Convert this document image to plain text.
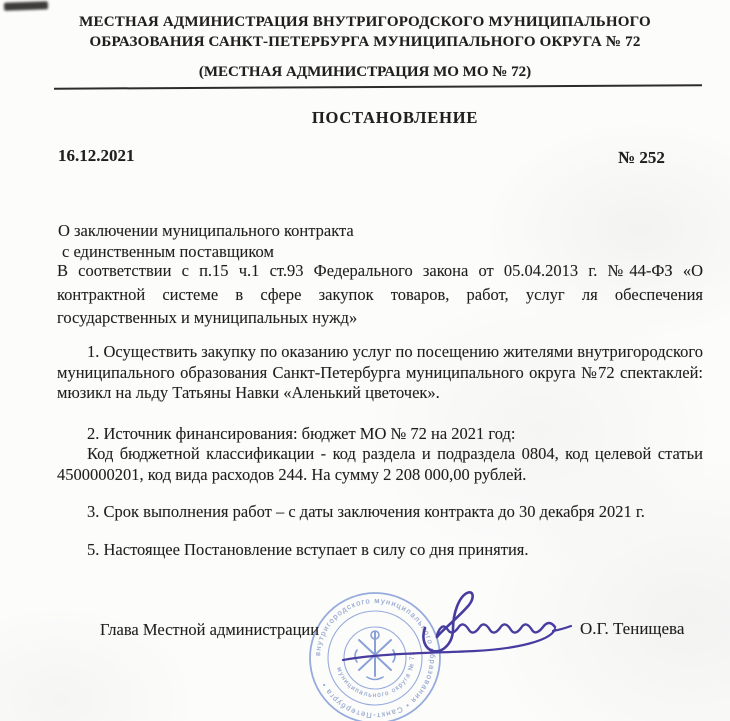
МЕСТНАЯ АДМИНИСТРАЦИЯ ВНУТРИГОРОДСКОГО МУНИЦИПАЛЬНОГО
ОБРАЗОВАНИЯ САНКТ-ПЕТЕРБУРГА МУНИЦИПАЛЬНОГО ОКРУГА № 72
(МЕСТНАЯ АДМИНИСТРАЦИЯ МО МО № 72)
ПОСТАНОВЛЕНИЕ
16.12.2021	№ 252
О заключении муниципального контракта
с единственным поставщиком
В соответствии с п.15 ч.1 ст.93 Федерального закона от 05.04.2013 г. №44-ФЗ «О контрактной системе в сфере закупок товаров, работ, услуг ля обеспечения государственных и муниципальных нужд»
1. Осуществить закупку по оказанию услуг по посещению жителями внутригородского муниципального образования Санкт-Петербурга муниципального округа №72 спектаклей: мюзикл на льду Татьяны Навки «Аленький цветочек».
2. Источник финансирования: бюджет МО № 72 на 2021 год:
Код бюджетной классификации - код раздела и подраздела 0804, код целевой статьи 4500000201, код вида расходов 244. На сумму 2 208 000,00 рублей.
3. Срок выполнения работ – с даты заключения контракта до 30 декабря 2021 г.
5. Настоящее Постановление вступает в силу со дня принятия.
внутригородского муниципального образования • Санкт-Петербурга •
муниципального округа № 72
Глава Местной администрации	О.Г. Тенищева
